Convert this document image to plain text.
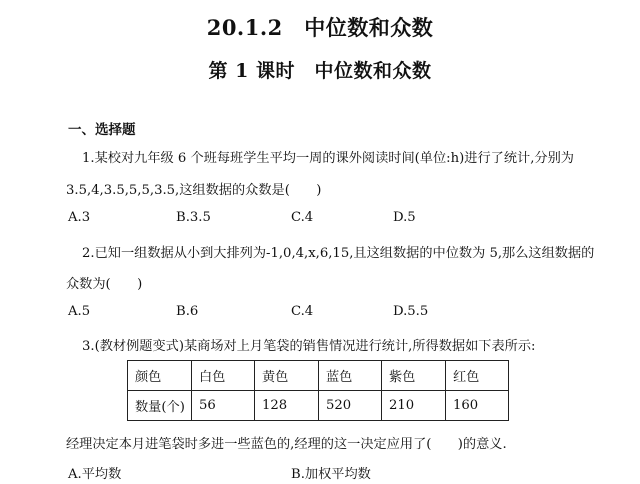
20.1.2　中位数和众数
第 1 课时　中位数和众数
一、选择题
1.某校对九年级 6 个班每班学生平均一周的课外阅读时间(单位:h)进行了统计,分别为
3.5,4,3.5,5,5,3.5,这组数据的众数是(　　)
A.3	B.3.5	C.4	D.5
2.已知一组数据从小到大排列为-1,0,4,x,6,15,且这组数据的中位数为 5,那么这组数据的
众数为(　　)
A.5	B.6	C.4	D.5.5
3.(教材例题变式)某商场对上月笔袋的销售情况进行统计,所得数据如下表所示:
颜色	白色	黄色	蓝色	紫色	红色
数量(个)	56	128	520	210	160
经理决定本月进笔袋时多进一些蓝色的,经理的这一决定应用了(　　)的意义.
A.平均数	B.加权平均数
